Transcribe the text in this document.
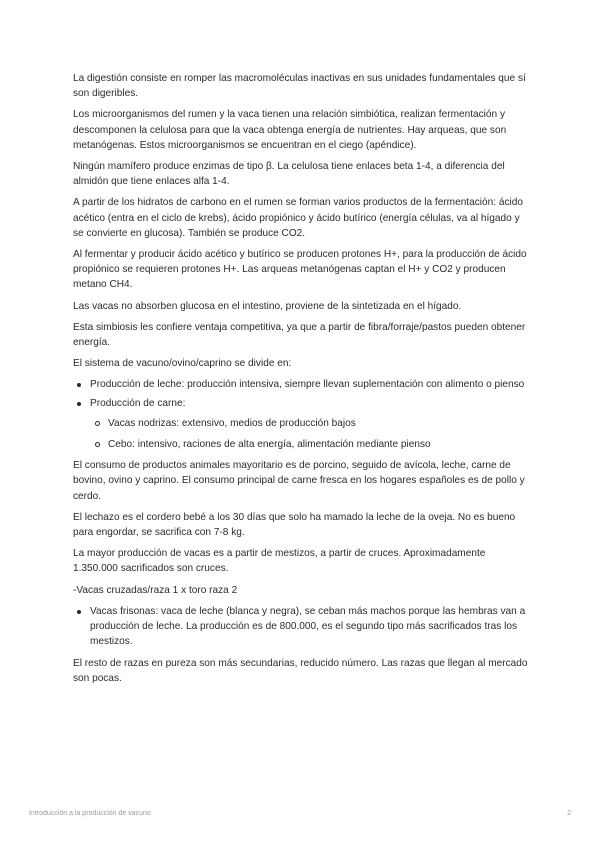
La digestión consiste en romper las macromoléculas inactivas en sus unidades fundamentales que sí son digeribles.

Los microorganismos del rumen y la vaca tienen una relación simbiótica, realizan fermentación y descomponen la celulosa para que la vaca obtenga energía de nutrientes. Hay arqueas, que son metanógenas. Estos microorganismos se encuentran en el ciego (apéndice).

Ningún mamífero produce enzimas de tipo β. La celulosa tiene enlaces beta 1-4, a diferencia del almidón que tiene enlaces alfa 1-4.

A partir de los hidratos de carbono en el rumen se forman varios productos de la fermentación: ácido acético (entra en el ciclo de krebs), ácido propiónico y ácido butírico (energía células, va al hígado y se convierte en glucosa). También se produce CO2.

Al fermentar y producir ácido acético y butírico se producen protones H+, para la producción de ácido propiónico se requieren protones H+. Las arqueas metanógenas captan el H+ y CO2 y producen metano CH4.

Las vacas no absorben glucosa en el intestino, proviene de la sintetizada en el hígado.

Esta simbiosis les confiere ventaja competitiva, ya que a partir de fibra/forraje/pastos pueden obtener energía.

El sistema de vacuno/ovino/caprino se divide en:

Producción de leche: producción intensiva, siempre llevan suplementación con alimento o pienso
Producción de carne:
Vacas nodrizas: extensivo, medios de producción bajos
Cebo: intensivo, raciones de alta energía, alimentación mediante pienso

El consumo de productos animales mayoritario es de porcino, seguido de avícola, leche, carne de bovino, ovino y caprino. El consumo principal de carne fresca en los hogares españoles es de pollo y cerdo.

El lechazo es el cordero bebé a los 30 días que solo ha mamado la leche de la oveja. No es bueno para engordar, se sacrifica con 7-8 kg.

La mayor producción de vacas es a partir de mestizos, a partir de cruces. Aproximadamente 1.350.000 sacrificados son cruces.

-Vacas cruzadas/raza 1 x toro raza 2

Vacas frisonas: vaca de leche (blanca y negra), se ceban más machos porque las hembras van a producción de leche. La producción es de 800.000, es el segundo tipo más sacrificados tras los mestizos.

El resto de razas en pureza son más secundarias, reducido número. Las razas que llegan al mercado son pocas.

Introducción a la producción de vacuno	2
